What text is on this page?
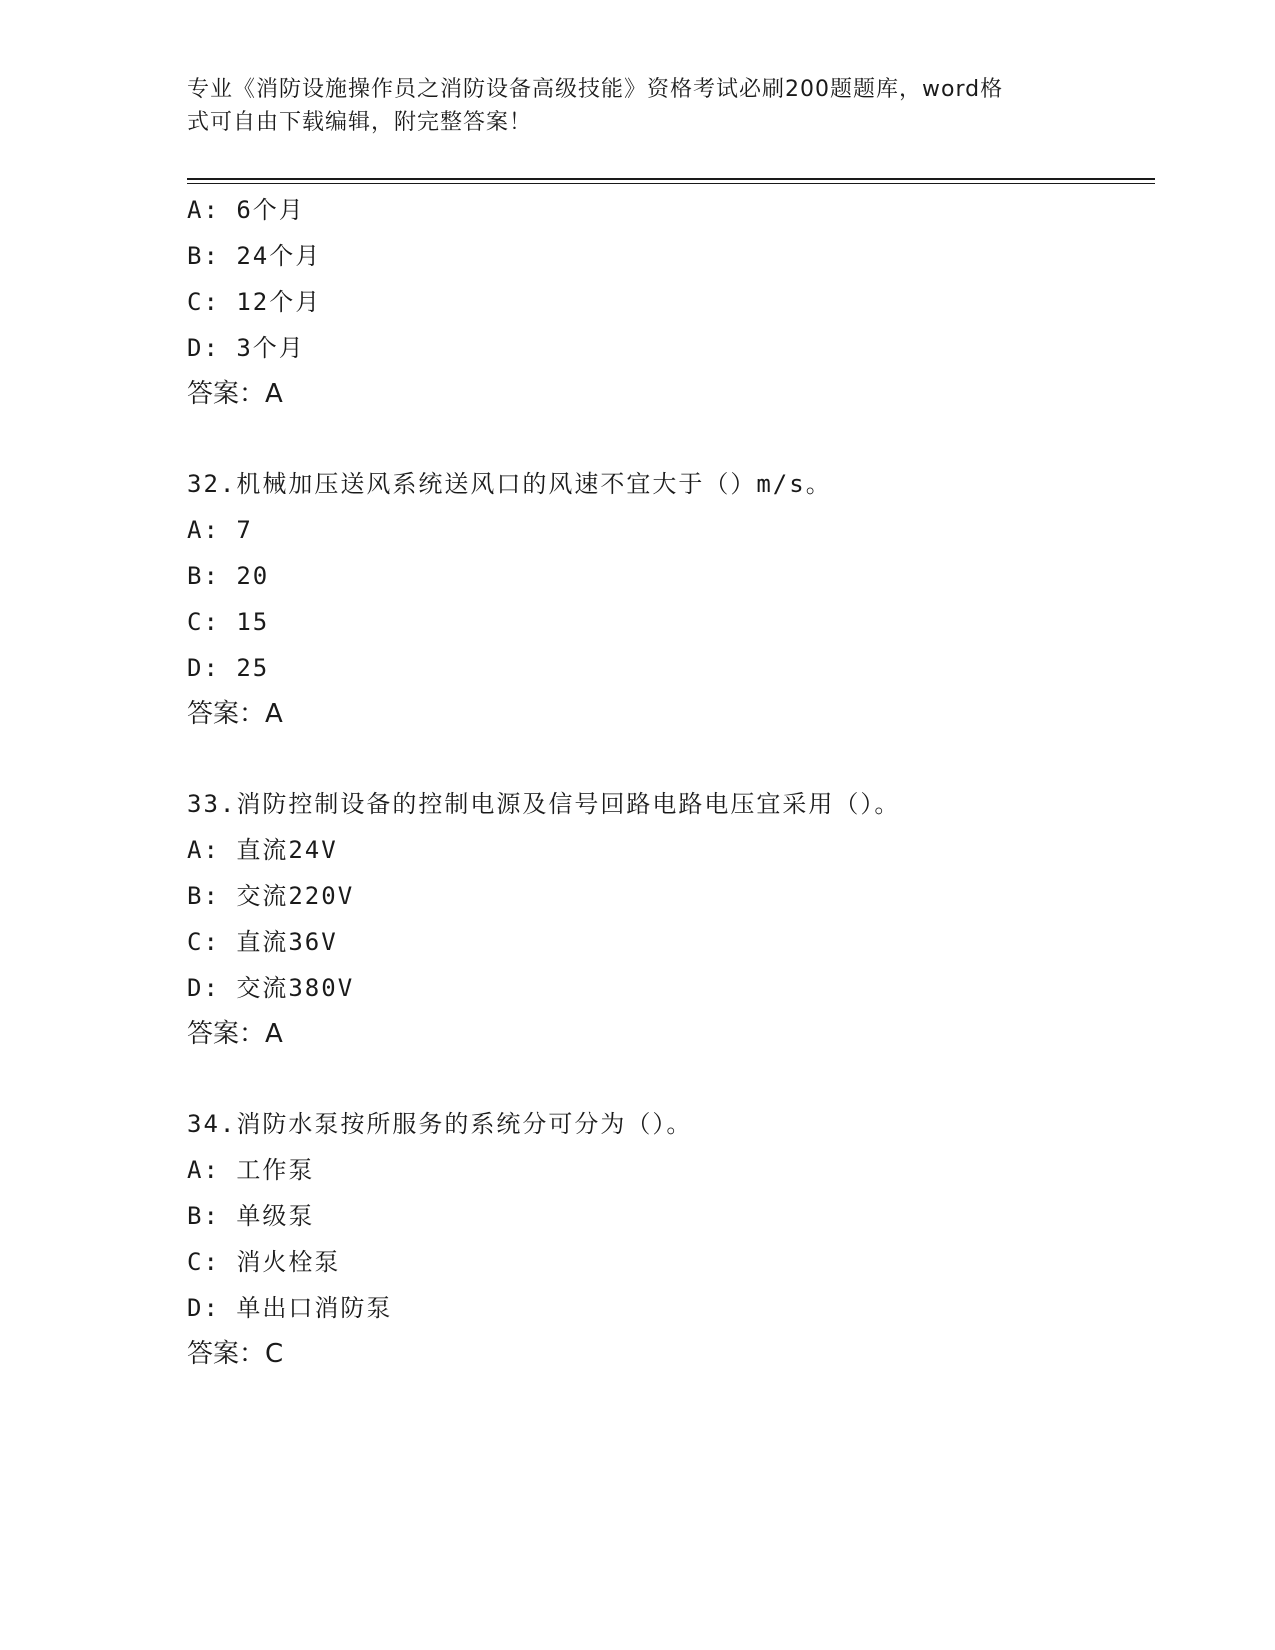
专业《消防设施操作员之消防设备高级技能》资格考试必刷200题题库，word格
式可自由下载编辑，附完整答案！
A: 6个月
B: 24个月
C: 12个月
D: 3个月
答案：A
32.机械加压送风系统送风口的风速不宜大于（）m/s。
A: 7
B: 20
C: 15
D: 25
答案：A
33.消防控制设备的控制电源及信号回路电路电压宜采用（）。
A: 直流24V
B: 交流220V
C: 直流36V
D: 交流380V
答案：A
34.消防水泵按所服务的系统分可分为（）。
A: 工作泵
B: 单级泵
C: 消火栓泵
D: 单出口消防泵
答案：C
